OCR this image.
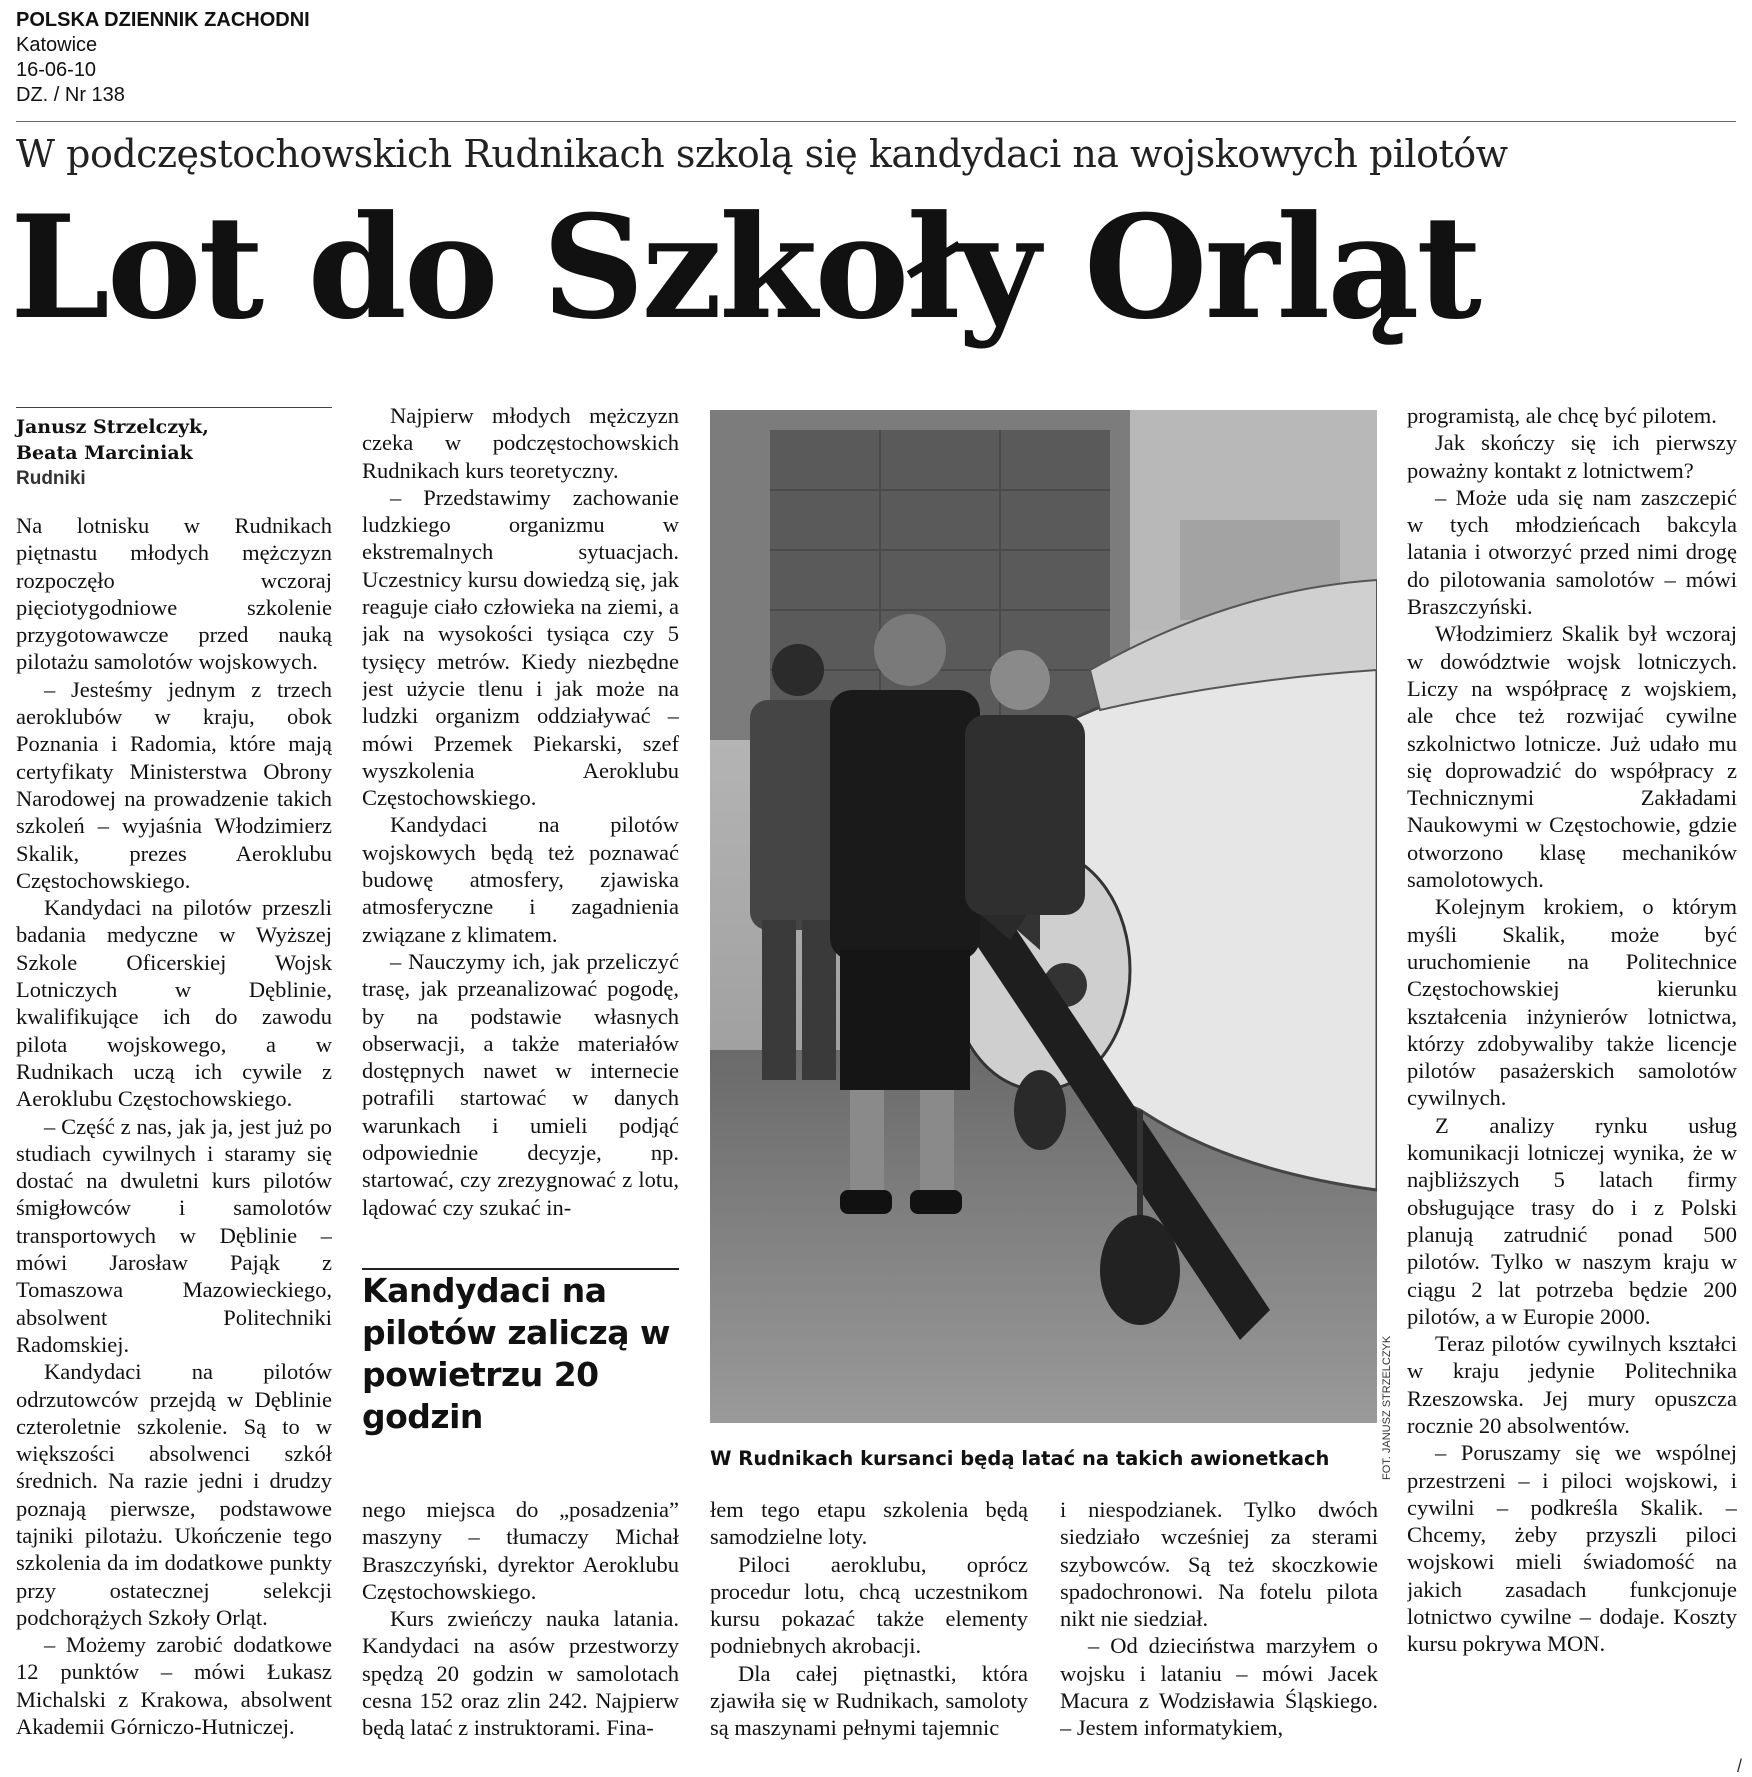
POLSKA DZIENNIK ZACHODNI
Katowice
16-06-10
DZ. / Nr 138
W podczęstochowskich Rudnikach szkolą się kandydaci na wojskowych pilotów
Lot do Szkoły Orląt
Janusz Strzelczyk,
Beata Marciniak
Rudniki

Na lotnisku w Rudnikach piętnastu młodych mężczyzn rozpoczęło wczoraj pięciotygodniowe szkolenie przygotowawcze przed nauką pilotażu samolotów wojskowych.

– Jesteśmy jednym z trzech aeroklubów w kraju, obok Poznania i Radomia, które mają certyfikaty Ministerstwa Obrony Narodowej na prowadzenie takich szkoleń – wyjaśnia Włodzimierz Skalik, prezes Aeroklubu Częstochowskiego.

Kandydaci na pilotów przeszli badania medyczne w Wyższej Szkole Oficerskiej Wojsk Lotniczych w Dęblinie, kwalifikujące ich do zawodu pilota wojskowego, a w Rudnikach uczą ich cywile z Aeroklubu Częstochowskiego.

– Część z nas, jak ja, jest już po studiach cywilnych i staramy się dostać na dwuletni kurs pilotów śmigłowców i samolotów transportowych w Dęblinie – mówi Jarosław Pająk z Tomaszowa Mazowieckiego, absolwent Politechniki Radomskiej.

Kandydaci na pilotów odrzutowców przejdą w Dęblinie czteroletnie szkolenie. Są to w większości absolwenci szkół średnich. Na razie jedni i drudzy poznają pierwsze, podstawowe tajniki pilotażu. Ukończenie tego szkolenia da im dodatkowe punkty przy ostatecznej selekcji podchorążych Szkoły Orląt.

– Możemy zarobić dodatkowe 12 punktów – mówi Łukasz Michalski z Krakowa, absolwent Akademii Górniczo-Hutniczej.

Najpierw młodych mężczyzn czeka w podczęstochowskich Rudnikach kurs teoretyczny.

– Przedstawimy zachowanie ludzkiego organizmu w ekstremalnych sytuacjach. Uczestnicy kursu dowiedzą się, jak reaguje ciało człowieka na ziemi, a jak na wysokości tysiąca czy 5 tysięcy metrów. Kiedy niezbędne jest użycie tlenu i jak może na ludzki organizm oddziaływać – mówi Przemek Piekarski, szef wyszkolenia Aeroklubu Częstochowskiego.

Kandydaci na pilotów wojskowych będą też poznawać budowę atmosfery, zjawiska atmosferyczne i zagadnienia związane z klimatem.

– Nauczymy ich, jak przeliczyć trasę, jak przeanalizować pogodę, by na podstawie własnych obserwacji, a także materiałów dostępnych nawet w internecie potrafili startować w danych warunkach i umieli podjąć odpowiednie decyzje, np. startować, czy zrezygnować z lotu, lądować czy szukać in-

Kandydaci na pilotów zaliczą w powietrzu 20 godzin

nego miejsca do „posadzenia” maszyny – tłumaczy Michał Braszczyński, dyrektor Aeroklubu Częstochowskiego.

Kurs zwieńczy nauka latania. Kandydaci na asów przestworzy spędzą 20 godzin w samolotach cesna 152 oraz zlin 242. Najpierw będą latać z instruktorami. Fina-

FOT. JANUSZ STRZELCZYK
W Rudnikach kursanci będą latać na takich awionetkach

łem tego etapu szkolenia będą samodzielne loty.

Piloci aeroklubu, oprócz procedur lotu, chcą uczestnikom kursu pokazać także elementy podniebnych akrobacji.

Dla całej piętnastki, która zjawiła się w Rudnikach, samoloty są maszynami pełnymi tajemnic

i niespodzianek. Tylko dwóch siedziało wcześniej za sterami szybowców. Są też skoczkowie spadochronowi. Na fotelu pilota nikt nie siedział.

– Od dzieciństwa marzyłem o wojsku i lataniu – mówi Jacek Macura z Wodzisławia Śląskiego. – Jestem informatykiem,

programistą, ale chcę być pilotem.

Jak skończy się ich pierwszy poważny kontakt z lotnictwem?

– Może uda się nam zaszczepić w tych młodzieńcach bakcyla latania i otworzyć przed nimi drogę do pilotowania samolotów – mówi Braszczyński.

Włodzimierz Skalik był wczoraj w dowództwie wojsk lotniczych. Liczy na współpracę z wojskiem, ale chce też rozwijać cywilne szkolnictwo lotnicze. Już udało mu się doprowadzić do współpracy z Technicznymi Zakładami Naukowymi w Częstochowie, gdzie otworzono klasę mechaników samolotowych.

Kolejnym krokiem, o którym myśli Skalik, może być uruchomienie na Politechnice Częstochowskiej kierunku kształcenia inżynierów lotnictwa, którzy zdobywaliby także licencje pilotów pasażerskich samolotów cywilnych.

Z analizy rynku usług komunikacji lotniczej wynika, że w najbliższych 5 latach firmy obsługujące trasy do i z Polski planują zatrudnić ponad 500 pilotów. Tylko w naszym kraju w ciągu 2 lat potrzeba będzie 200 pilotów, a w Europie 2000.

Teraz pilotów cywilnych kształci w kraju jedynie Politechnika Rzeszowska. Jej mury opuszcza rocznie 20 absolwentów.

– Poruszamy się we wspólnej przestrzeni – i piloci wojskowi, i cywilni – podkreśla Skalik. – Chcemy, żeby przyszli piloci wojskowi mieli świadomość na jakich zasadach funkcjonuje lotnictwo cywilne – dodaje. Koszty kursu pokrywa MON.

/
